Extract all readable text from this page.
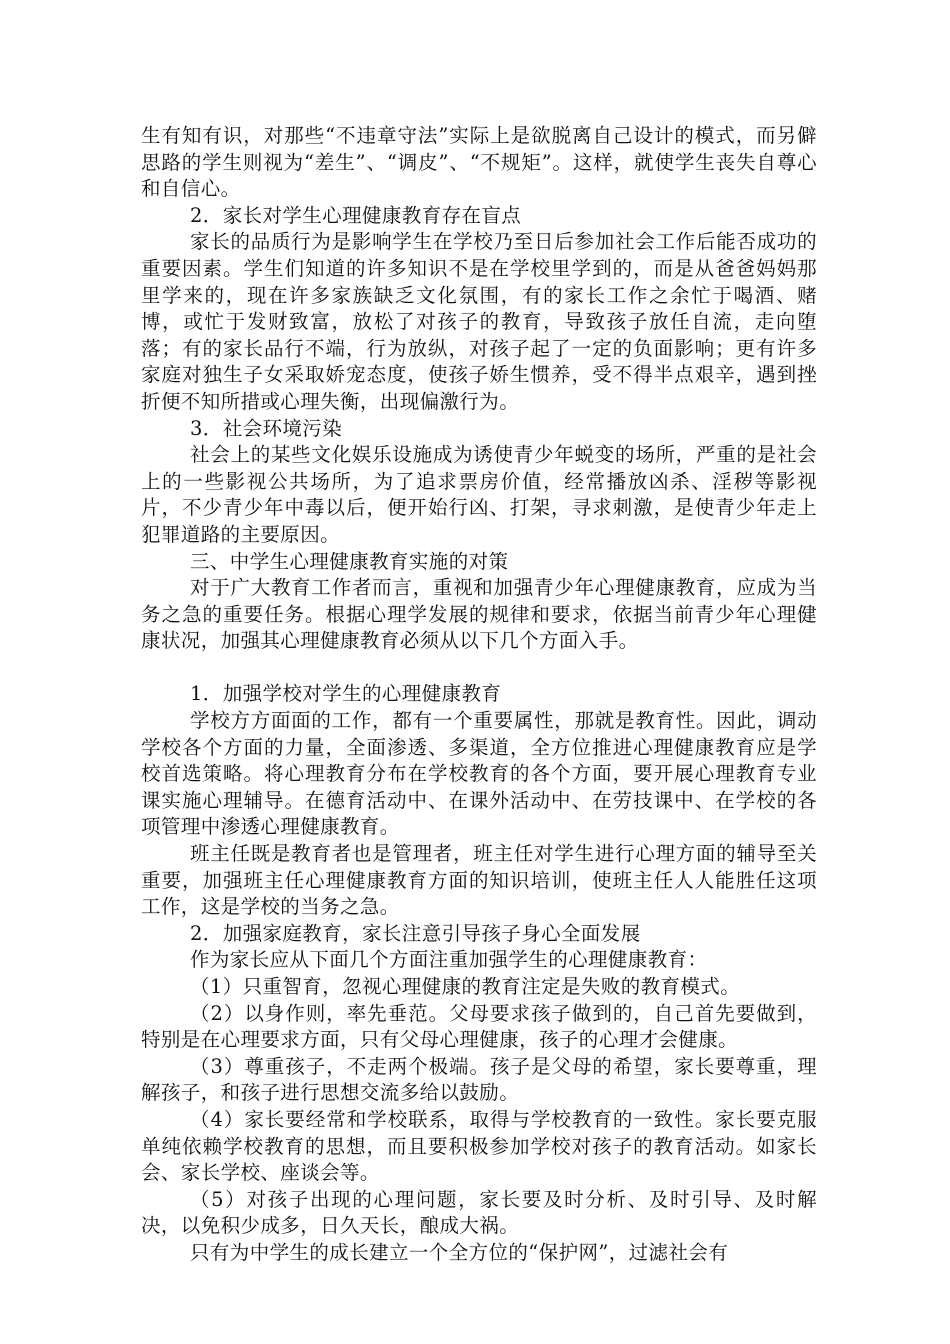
生有知有识，对那些“不违章守法”实际上是欲脱离自己设计的模式，而另僻思路的学生则视为“差生”、“调皮”、“不规矩”。这样，就使学生丧失自尊心和自信心。

2．家长对学生心理健康教育存在盲点

家长的品质行为是影响学生在学校乃至日后参加社会工作后能否成功的重要因素。学生们知道的许多知识不是在学校里学到的，而是从爸爸妈妈那里学来的，现在许多家族缺乏文化氛围，有的家长工作之余忙于喝酒、赌博，或忙于发财致富，放松了对孩子的教育，导致孩子放任自流，走向堕落；有的家长品行不端，行为放纵，对孩子起了一定的负面影响；更有许多家庭对独生子女采取娇宠态度，使孩子娇生惯养，受不得半点艰辛，遇到挫折便不知所措或心理失衡，出现偏激行为。

3．社会环境污染

社会上的某些文化娱乐设施成为诱使青少年蜕变的场所，严重的是社会上的一些影视公共场所，为了追求票房价值，经常播放凶杀、淫秽等影视片，不少青少年中毒以后，便开始行凶、打架，寻求刺激，是使青少年走上犯罪道路的主要原因。

三、中学生心理健康教育实施的对策

对于广大教育工作者而言，重视和加强青少年心理健康教育，应成为当务之急的重要任务。根据心理学发展的规律和要求，依据当前青少年心理健康状况，加强其心理健康教育必须从以下几个方面入手。

1．加强学校对学生的心理健康教育

学校方方面面的工作，都有一个重要属性，那就是教育性。因此，调动学校各个方面的力量，全面渗透、多渠道，全方位推进心理健康教育应是学校首选策略。将心理教育分布在学校教育的各个方面，要开展心理教育专业课实施心理辅导。在德育活动中、在课外活动中、在劳技课中、在学校的各项管理中渗透心理健康教育。

班主任既是教育者也是管理者，班主任对学生进行心理方面的辅导至关重要，加强班主任心理健康教育方面的知识培训，使班主任人人能胜任这项工作，这是学校的当务之急。

2．加强家庭教育，家长注意引导孩子身心全面发展

作为家长应从下面几个方面注重加强学生的心理健康教育：

（1）只重智育，忽视心理健康的教育注定是失败的教育模式。

（2）以身作则，率先垂范。父母要求孩子做到的，自己首先要做到，特别是在心理要求方面，只有父母心理健康，孩子的心理才会健康。

（3）尊重孩子，不走两个极端。孩子是父母的希望，家长要尊重，理解孩子，和孩子进行思想交流多给以鼓励。

（4）家长要经常和学校联系，取得与学校教育的一致性。家长要克服单纯依赖学校教育的思想，而且要积极参加学校对孩子的教育活动。如家长会、家长学校、座谈会等。

（5）对孩子出现的心理问题，家长要及时分析、及时引导、及时解决，以免积少成多，日久天长，酿成大祸。

只有为中学生的成长建立一个全方位的“保护网”，过滤社会有
